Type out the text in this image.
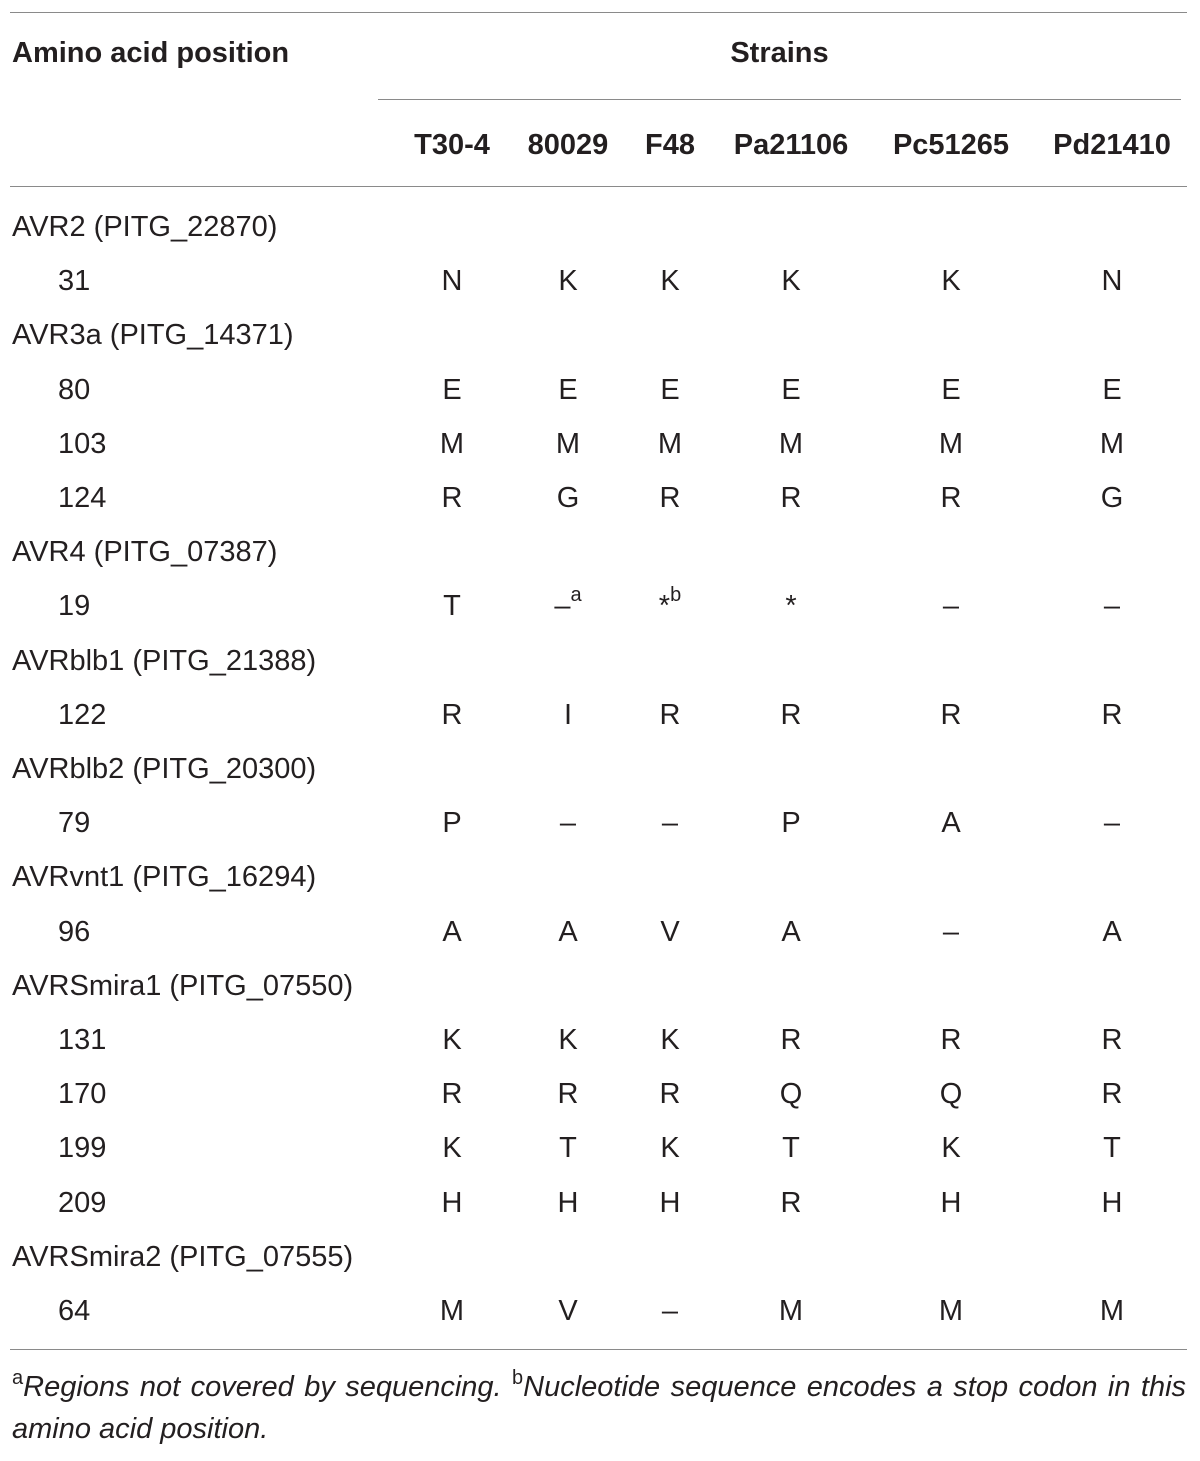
Amino acid position	Strains
T30-4 80029 F48 Pa21106 Pc51265 Pd21410
AVR2 (PITG_22870)
31	N	K	K	K	K	N
AVR3a (PITG_14371)
80	E	E	E	E	E	E
103	M	M	M	M	M	M
124	R	G	R	R	R	G
AVR4 (PITG_07387)
19	T	–$^a$	*$^b$	*	–	–
AVRblb1 (PITG_21388)
122	R	I	R	R	R	R
AVRblb2 (PITG_20300)
79	P	–	–	P	A	–
AVRvnt1 (PITG_16294)
96	A	A	V	A	–	A
AVRSmira1 (PITG_07550)
131	K	K	K	R	R	R
170	R	R	R	Q	Q	R
199	K	T	K	T	K	T
209	H	H	H	R	H	H
AVRSmira2 (PITG_07555)
64	M	V	–	M	M	M
$^a$Regions not covered by sequencing. $^b$Nucleotide sequence encodes a stop codon in this amino acid position.
